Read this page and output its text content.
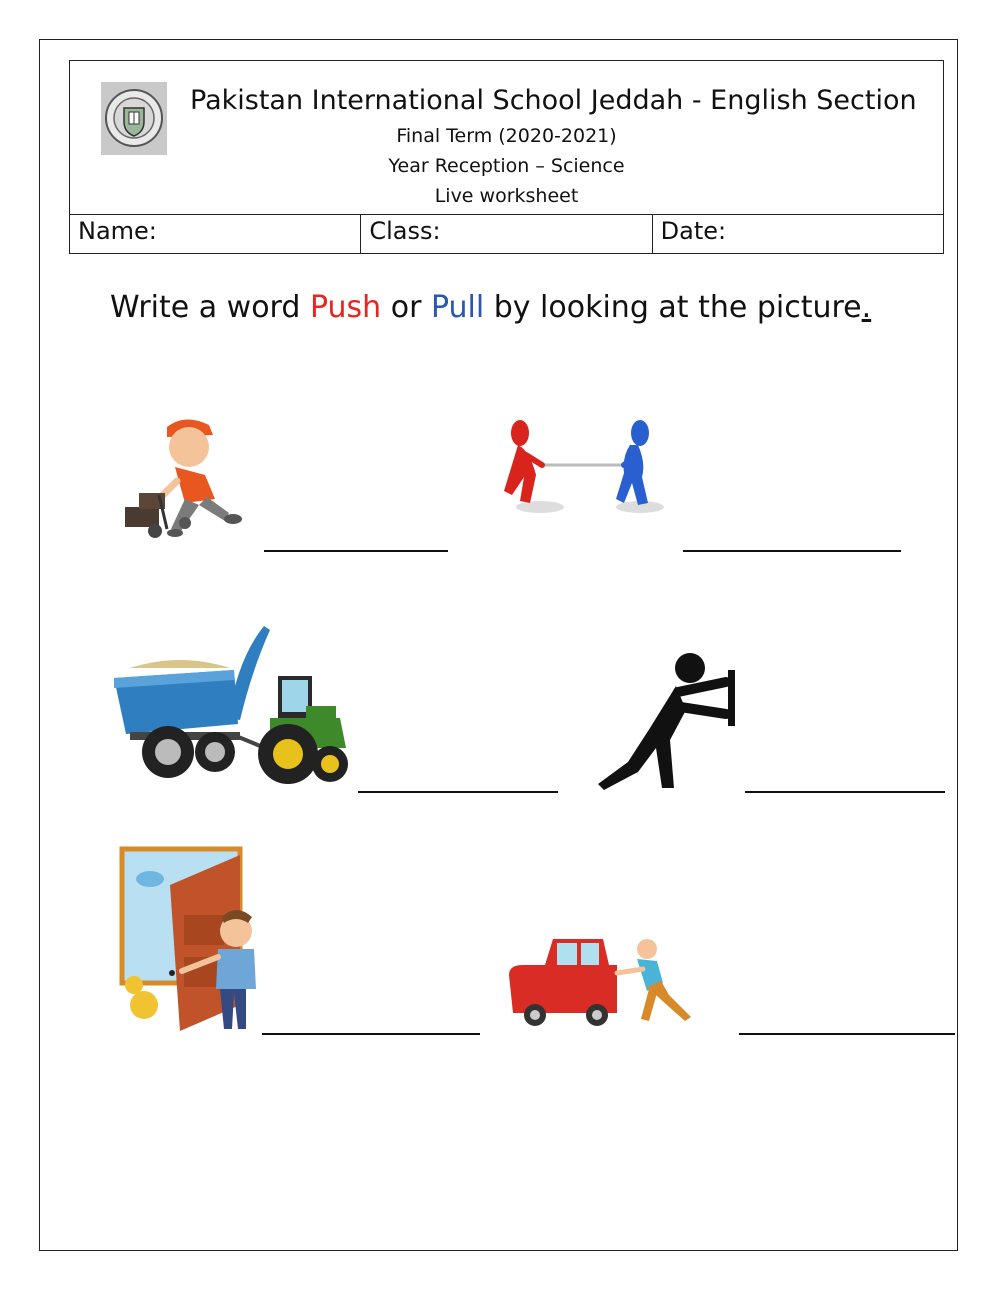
Pakistan International School Jeddah - English Section
Final Term (2020-2021)
Year Reception – Science
Live worksheet
Name:	Class:	Date:
Write a word Push or Pull by looking at the picture.
